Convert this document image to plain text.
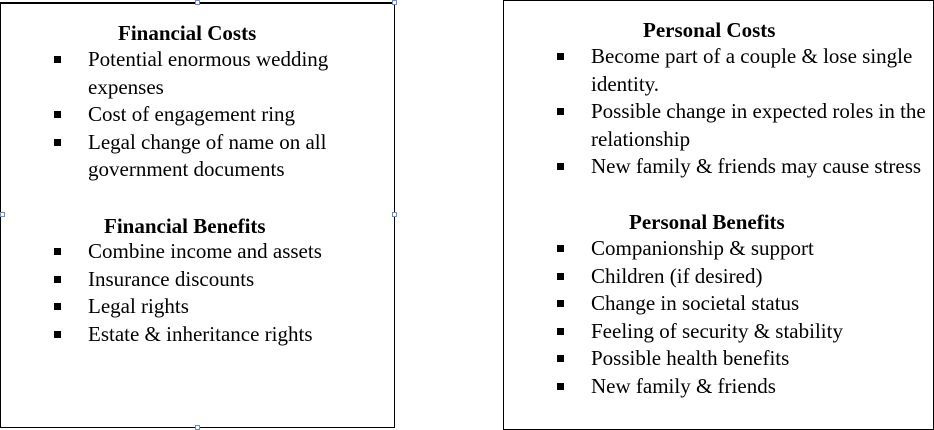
Financial Costs
Potential enormous wedding expenses
Cost of engagement ring
Legal change of name on all government documents
Financial Benefits
Combine income and assets
Insurance discounts
Legal rights
Estate & inheritance rights
Personal Costs
Become part of a couple & lose single identity.
Possible change in expected roles in the relationship
New family & friends may cause stress
Personal Benefits
Companionship & support
Children (if desired)
Change in societal status
Feeling of security & stability
Possible health benefits
New family & friends
